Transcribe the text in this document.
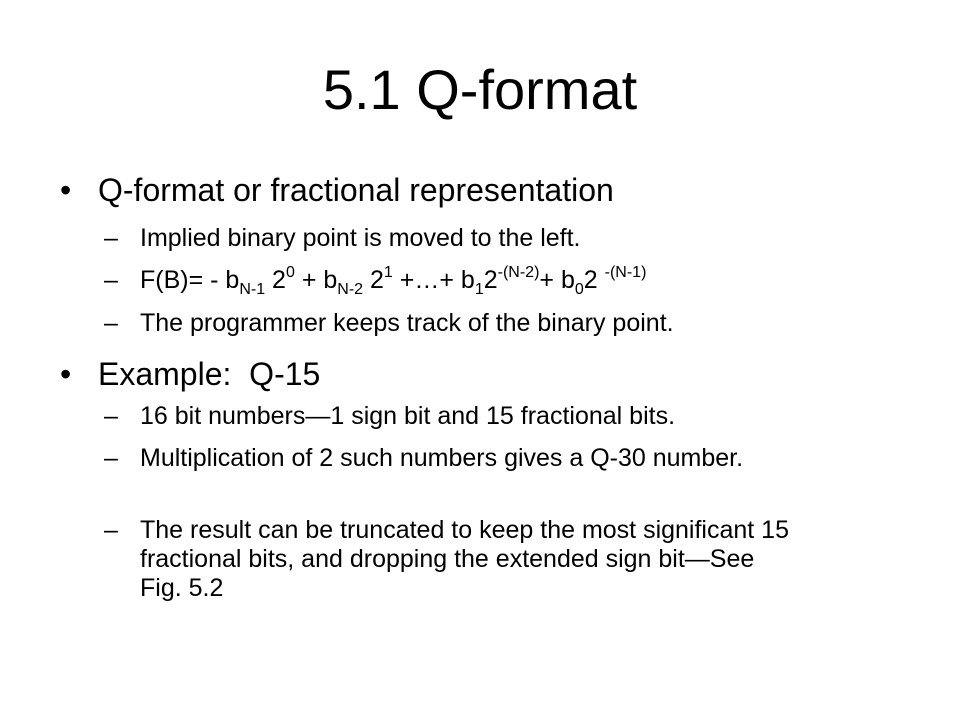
5.1 Q-format
• Q-format or fractional representation
– Implied binary point is moved to the left.
– $F(B)= - b_{N-1}$ $2^0 + b_{N-2}$ $2^1$ +…+ $b_12^{-(N-2)}+ b_02$ $^{-(N-1)}$
– The programmer keeps track of the binary point.
• Example:  Q-15
– 16 bit numbers—1 sign bit and 15 fractional bits.
– Multiplication of 2 such numbers gives a Q-30 number.
– The result can be truncated to keep the most significant 15 fractional bits, and dropping the extended sign bit—See Fig. 5.2
